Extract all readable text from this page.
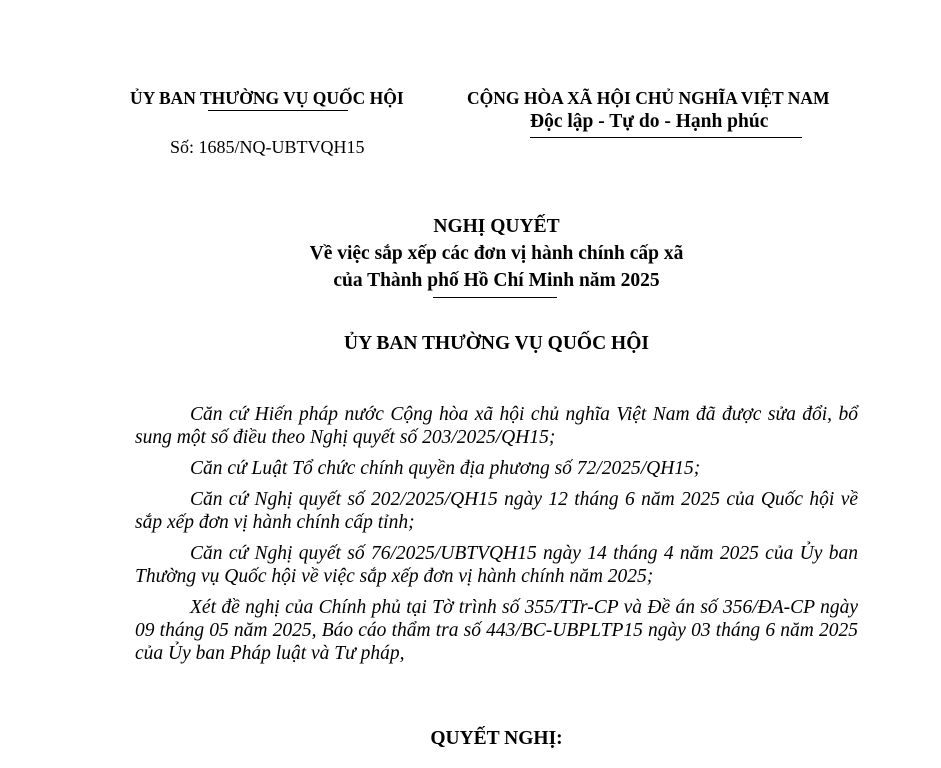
ỦY BAN THƯỜNG VỤ QUỐC HỘI
Số: 1685/NQ-UBTVQH15
CỘNG HÒA XÃ HỘI CHỦ NGHĨA VIỆT NAM
Độc lập - Tự do - Hạnh phúc
NGHỊ QUYẾT
Về việc sắp xếp các đơn vị hành chính cấp xã
của Thành phố Hồ Chí Minh năm 2025
ỦY BAN THƯỜNG VỤ QUỐC HỘI

Căn cứ Hiến pháp nước Cộng hòa xã hội chủ nghĩa Việt Nam đã được sửa đổi, bổ sung một số điều theo Nghị quyết số 203/2025/QH15;

Căn cứ Luật Tổ chức chính quyền địa phương số 72/2025/QH15;

Căn cứ Nghị quyết số 202/2025/QH15 ngày 12 tháng 6 năm 2025 của Quốc hội về sắp xếp đơn vị hành chính cấp tỉnh;

Căn cứ Nghị quyết số 76/2025/UBTVQH15 ngày 14 tháng 4 năm 2025 của Ủy ban Thường vụ Quốc hội về việc sắp xếp đơn vị hành chính năm 2025;

Xét đề nghị của Chính phủ tại Tờ trình số 355/TTr-CP và Đề án số 356/ĐA-CP ngày 09 tháng 05 năm 2025, Báo cáo thẩm tra số 443/BC-UBPLTP15 ngày 03 tháng 6 năm 2025 của Ủy ban Pháp luật và Tư pháp,

QUYẾT NGHỊ:
